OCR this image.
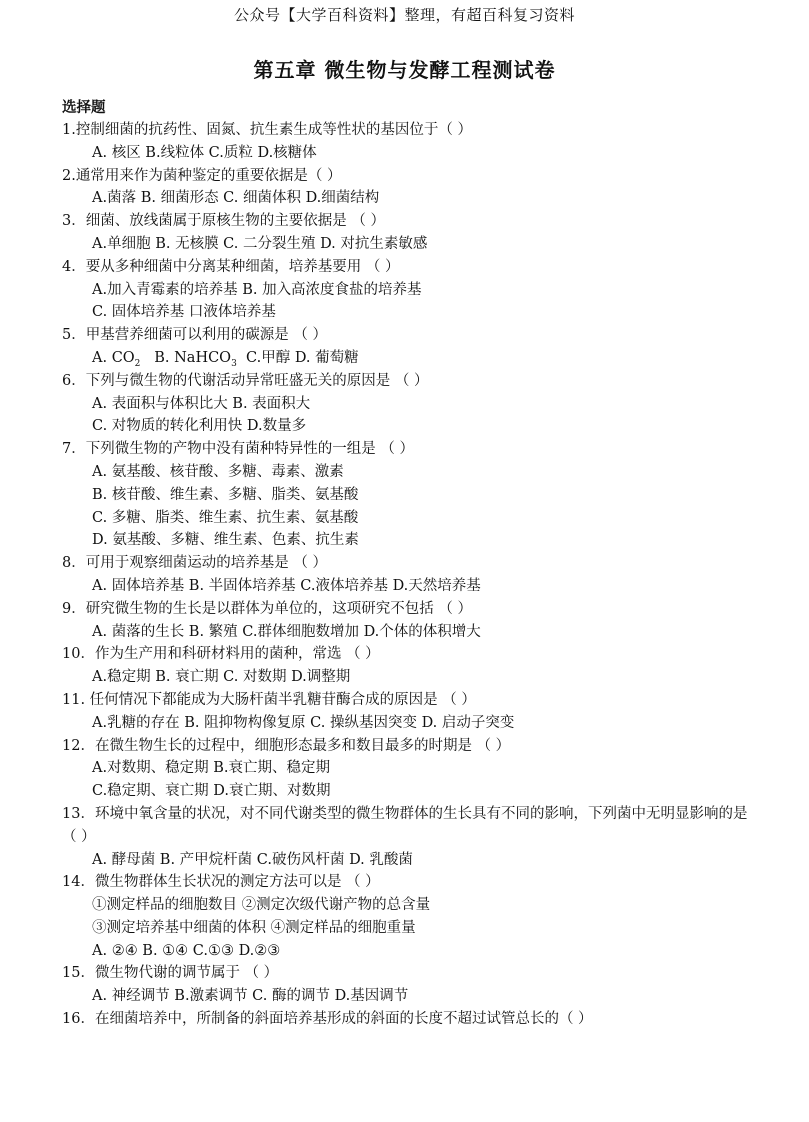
公众号【大学百科资料】整理，有超百科复习资料
第五章 微生物与发酵工程测试卷
选择题
1.控制细菌的抗药性、固氮、抗生素生成等性状的基因位于（ ）
A. 核区 B.线粒体 C.质粒 D.核糖体
2.通常用来作为菌种鉴定的重要依据是（ ）
A.菌落 B. 细菌形态 C. 细菌体积 D.细菌结构
3．细菌、放线菌属于原核生物的主要依据是 （ ）
A.单细胞 B. 无核膜 C. 二分裂生殖 D. 对抗生素敏感
4．要从多种细菌中分离某种细菌，培养基要用 （ ）
A.加入青霉素的培养基 B. 加入高浓度食盐的培养基
C. 固体培养基 口液体培养基
5．甲基营养细菌可以利用的碳源是 （ ）
A. $CO_2$ B. NaHCO$_3$ C.甲醇 D. 葡萄糖
6．下列与微生物的代谢活动异常旺盛无关的原因是 （ ）
A. 表面积与体积比大 B. 表面积大
C. 对物质的转化利用快 D.数量多
7．下列微生物的产物中没有菌种特异性的一组是 （ ）
A. 氨基酸、核苷酸、多糖、毒素、激素
B. 核苷酸、维生素、多糖、脂类、氨基酸
C. 多糖、脂类、维生素、抗生素、氨基酸
D. 氨基酸、多糖、维生素、色素、抗生素
8．可用于观察细菌运动的培养基是 （ ）
A. 固体培养基 B. 半固体培养基 C.液体培养基 D.天然培养基
9．研究微生物的生长是以群体为单位的，这项研究不包括 （ ）
A. 菌落的生长 B. 繁殖 C.群体细胞数增加 D.个体的体积增大
10．作为生产用和科研材料用的菌种，常选 （ ）
A.稳定期 B. 衰亡期 C. 对数期 D.调整期
11. 任何情况下都能成为大肠杆菌半乳糖苷酶合成的原因是 （ ）
A.乳糖的存在 B. 阻抑物构像复原 C. 操纵基因突变 D. 启动子突变
12．在微生物生长的过程中，细胞形态最多和数目最多的时期是 （ ）
A.对数期、稳定期 B.衰亡期、稳定期
C.稳定期、衰亡期 D.衰亡期、对数期
13．环境中氧含量的状况，对不同代谢类型的微生物群体的生长具有不同的影响，下列菌中无明显影响的是 （ ）
A. 酵母菌 B. 产甲烷杆菌 C.破伤风杆菌 D. 乳酸菌
14．微生物群体生长状况的测定方法可以是 （ ）
①测定样品的细胞数目 ②测定次级代谢产物的总含量
③测定培养基中细菌的体积 ④测定样品的细胞重量
A. ②④ B. ①④ C.①③ D.②③
15．微生物代谢的调节属于 （ ）
A. 神经调节 B.激素调节 C. 酶的调节 D.基因调节
16．在细菌培养中，所制备的斜面培养基形成的斜面的长度不超过试管总长的（ ）
